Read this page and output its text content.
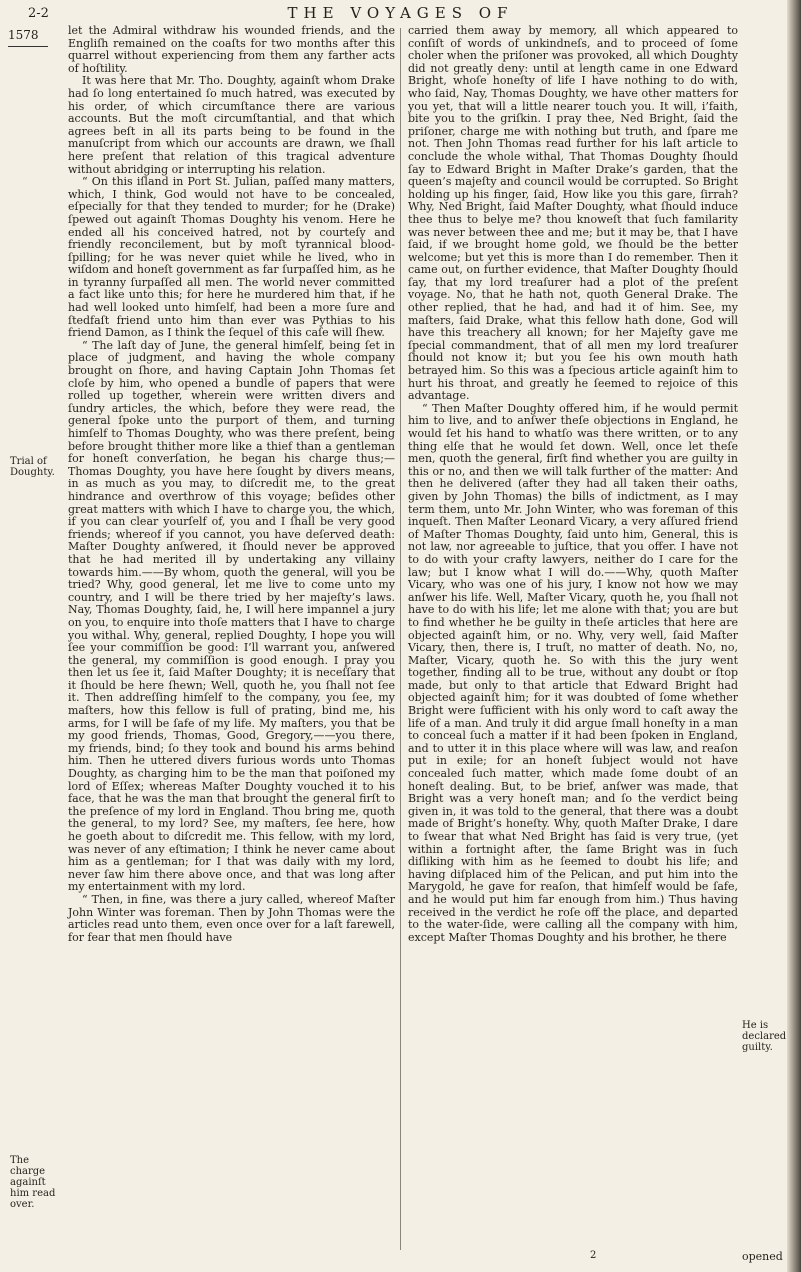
2-2	THE VOYAGES OF
1578	let the Admiral withdraw his wounded friends, and the Engliſh remained on the coaſts for two months after this quarrel without experiencing from them any farther acts of hoſtility.

It was here that Mr. Tho. Doughty, againſt whom Drake had ſo long entertained ſo much hatred, was executed by his order, of which circumſtance there are various accounts. But the moſt circumſtantial, and that which agrees beſt in all its parts being to be found in the manuſcript from which our accounts are drawn, we ſhall here preſent that relation of this tragical adventure without abridging or interrupting his relation.

“ On this iſland in Port St. Julian, paſſed many matters, which, I think, God would not have to be concealed, eſpecially for that they tended to murder; for he (Drake) ſpewed out againſt Thomas Doughty his venom. Here he ended all his conceived hatred, not by courteſy and friendly reconcilement, but by moſt tyrannical blood-ſpilling; for he was never quiet while he lived, who in wiſdom and honeſt government as far ſurpaſſed him, as he in tyranny ſurpaſſed all men. The world never committed a fact like unto this; for here he murdered him that, if he had well looked unto himſelf, had been a more ſure and ſtedfaſt friend unto him than ever was Pythias to his friend Damon, as I think the ſequel of this caſe will ſhew.

“ The laſt day of June, the general himſelf, being ſet in place of judgment, and having the whole company brought on ſhore, and having Captain John Thomas ſet cloſe by him, who opened a bundle of papers that were rolled up together, wherein were written divers and ſundry articles, the which, before they were read, the general ſpoke unto the purport of them, and turning himſelf to Thomas Doughty, who was there preſent, being before brought thither more like a thief than a gentleman for honeſt converſation, he began his charge thus;—Thomas Doughty, you have here ſought by divers means, in as much as you may, to diſcredit me, to the great hindrance and overthrow of this voyage; beſides other great matters with which I have to charge you, the which, if you can clear yourſelf of, you and I ſhall be very good friends; whereof if you cannot, you have deſerved death: Maſter Doughty anſwered, it ſhould never be approved that he had merited ill by undertaking any villainy towards him.——By whom, quoth the general, will you be tried? Why, good general, let me live to come unto my country, and I will be there tried by her majeſty’s laws. Nay, Thomas Doughty, ſaid, he, I will here impannel a jury on you, to enquire into thoſe matters that I have to charge you withal. Why, general, replied Doughty, I hope you will ſee your commiſſion be good: I’ll warrant you, anſwered the general, my commiſſion is good enough. I pray you then let us ſee it, ſaid Maſter Doughty; it is neceſſary that it ſhould be here ſhewn; Well, quoth he, you ſhall not ſee it. Then addreſſing himſelf to the company, you ſee, my maſters, how this fellow is full of prating, bind me, his arms, for I will be ſafe of my life. My maſters, you that be my good friends, Thomas, Good, Gregory,——you there, my friends, bind; ſo they took and bound his arms behind him. Then he uttered divers furious words unto Thomas Doughty, as charging him to be the man that poiſoned my lord of Eſſex; whereas Maſter Doughty vouched it to his face, that he was the man that brought the general firſt to the preſence of my lord in England. Thou bring me, quoth the general, to my lord? See, my maſters, ſee here, how he goeth about to diſcredit me. This fellow, with my lord, was never of any eſtimation; I think he never came about him as a gentleman; for I that was daily with my lord, never ſaw him there above once, and that was long after my entertainment with my lord.

“ Then, in fine, was there a jury called, whereof Maſter John Winter was foreman. Then by John Thomas were the articles read unto them, even once over for a laſt farewell, for fear that men ſhould have

carried them away by memory, all which appeared to conſiſt of words of unkindneſs, and to proceed of ſome choler when the priſoner was provoked, all which Doughty did not greatly deny: until at length came in one Edward Bright, whoſe honeſty of life I have nothing to do with, who ſaid, Nay, Thomas Doughty, we have other matters for you yet, that will a little nearer touch you. It will, i’faith, bite you to the griſkin. I pray thee, Ned Bright, ſaid the priſoner, charge me with nothing but truth, and ſpare me not. Then John Thomas read further for his laſt article to conclude the whole withal, That Thomas Doughty ſhould ſay to Edward Bright in Maſter Drake’s garden, that the queen’s majeſty and council would be corrupted. So Bright holding up his finger, ſaid, How like you this gare, ſirrah? Why, Ned Bright, ſaid Maſter Doughty, what ſhould induce thee thus to belye me? thou knoweſt that ſuch familarity was never between thee and me; but it may be, that I have ſaid, if we brought home gold, we ſhould be the better welcome; but yet this is more than I do remember. Then it came out, on further evidence, that Maſter Doughty ſhould ſay, that my lord treaſurer had a plot of the preſent voyage. No, that he hath not, quoth General Drake. The other replied, that he had, and had it of him. See, my maſters, ſaid Drake, what this fellow hath done, God will have this treachery all known; for her Majeſty gave me ſpecial commandment, that of all men my lord treaſurer ſhould not know it; but you ſee his own mouth hath betrayed him. So this was a ſpecious article againſt him to hurt his throat, and greatly he ſeemed to rejoice of this advantage.

“ Then Maſter Doughty offered him, if he would permit him to live, and to anſwer theſe objections in England, he would ſet his hand to whatſo was there written, or to any thing elſe that he would ſet down. Well, once let theſe men, quoth the general, firſt find whether you are guilty in this or no, and then we will talk further of the matter: And then he delivered (after they had all taken their oaths, given by John Thomas) the bills of indictment, as I may term them, unto Mr. John Winter, who was foreman of this inqueſt. Then Maſter Leonard Vicary, a very aſſured friend of Maſter Thomas Doughty, ſaid unto him, General, this is not law, nor agreeable to juſtice, that you offer. I have not to do with your crafty lawyers, neither do I care for the law; but I know what I will do.——Why, quoth Maſter Vicary, who was one of his jury, I know not how we may anſwer his life. Well, Maſter Vicary, quoth he, you ſhall not have to do with his life; let me alone with that; you are but to find whether he be guilty in theſe articles that here are objected againſt him, or no. Why, very well, ſaid Maſter Vicary, then, there is, I truſt, no matter of death. No, no, Maſter, Vicary, quoth he. So with this the jury went together, finding all to be true, without any doubt or ſtop made, but only to that article that Edward Bright had objected againſt him; for it was doubted of ſome whether Bright were ſufficient with his only word to caſt away the life of a man. And truly it did argue ſmall honeſty in a man to conceal ſuch a matter if it had been ſpoken in England, and to utter it in this place where will was law, and reaſon put in exile; for an honeſt ſubject would not have concealed ſuch matter, which made ſome doubt of an honeſt dealing. But, to be brief, anſwer was made, that Bright was a very honeſt man; and ſo the verdict being given in, it was told to the general, that there was a doubt made of Bright’s honeſty. Why, quoth Maſter Drake, I dare to ſwear that what Ned Bright has ſaid is very true, (yet within a fortnight after, the ſame Bright was in ſuch diſliking with him as he ſeemed to doubt his life; and having diſplaced him of the Pelican, and put him into the Marygold, he gave for reaſon, that himſelf would be ſafe, and he would put him far enough from him.) Thus having received in the verdict he roſe off the place, and departed to the water-ſide, were calling all the company with him, except Maſter Thomas Doughty and his brother, he there

Trial of Doughty.
The charge againſt him read over.
He is declared guilty.
2	opened
